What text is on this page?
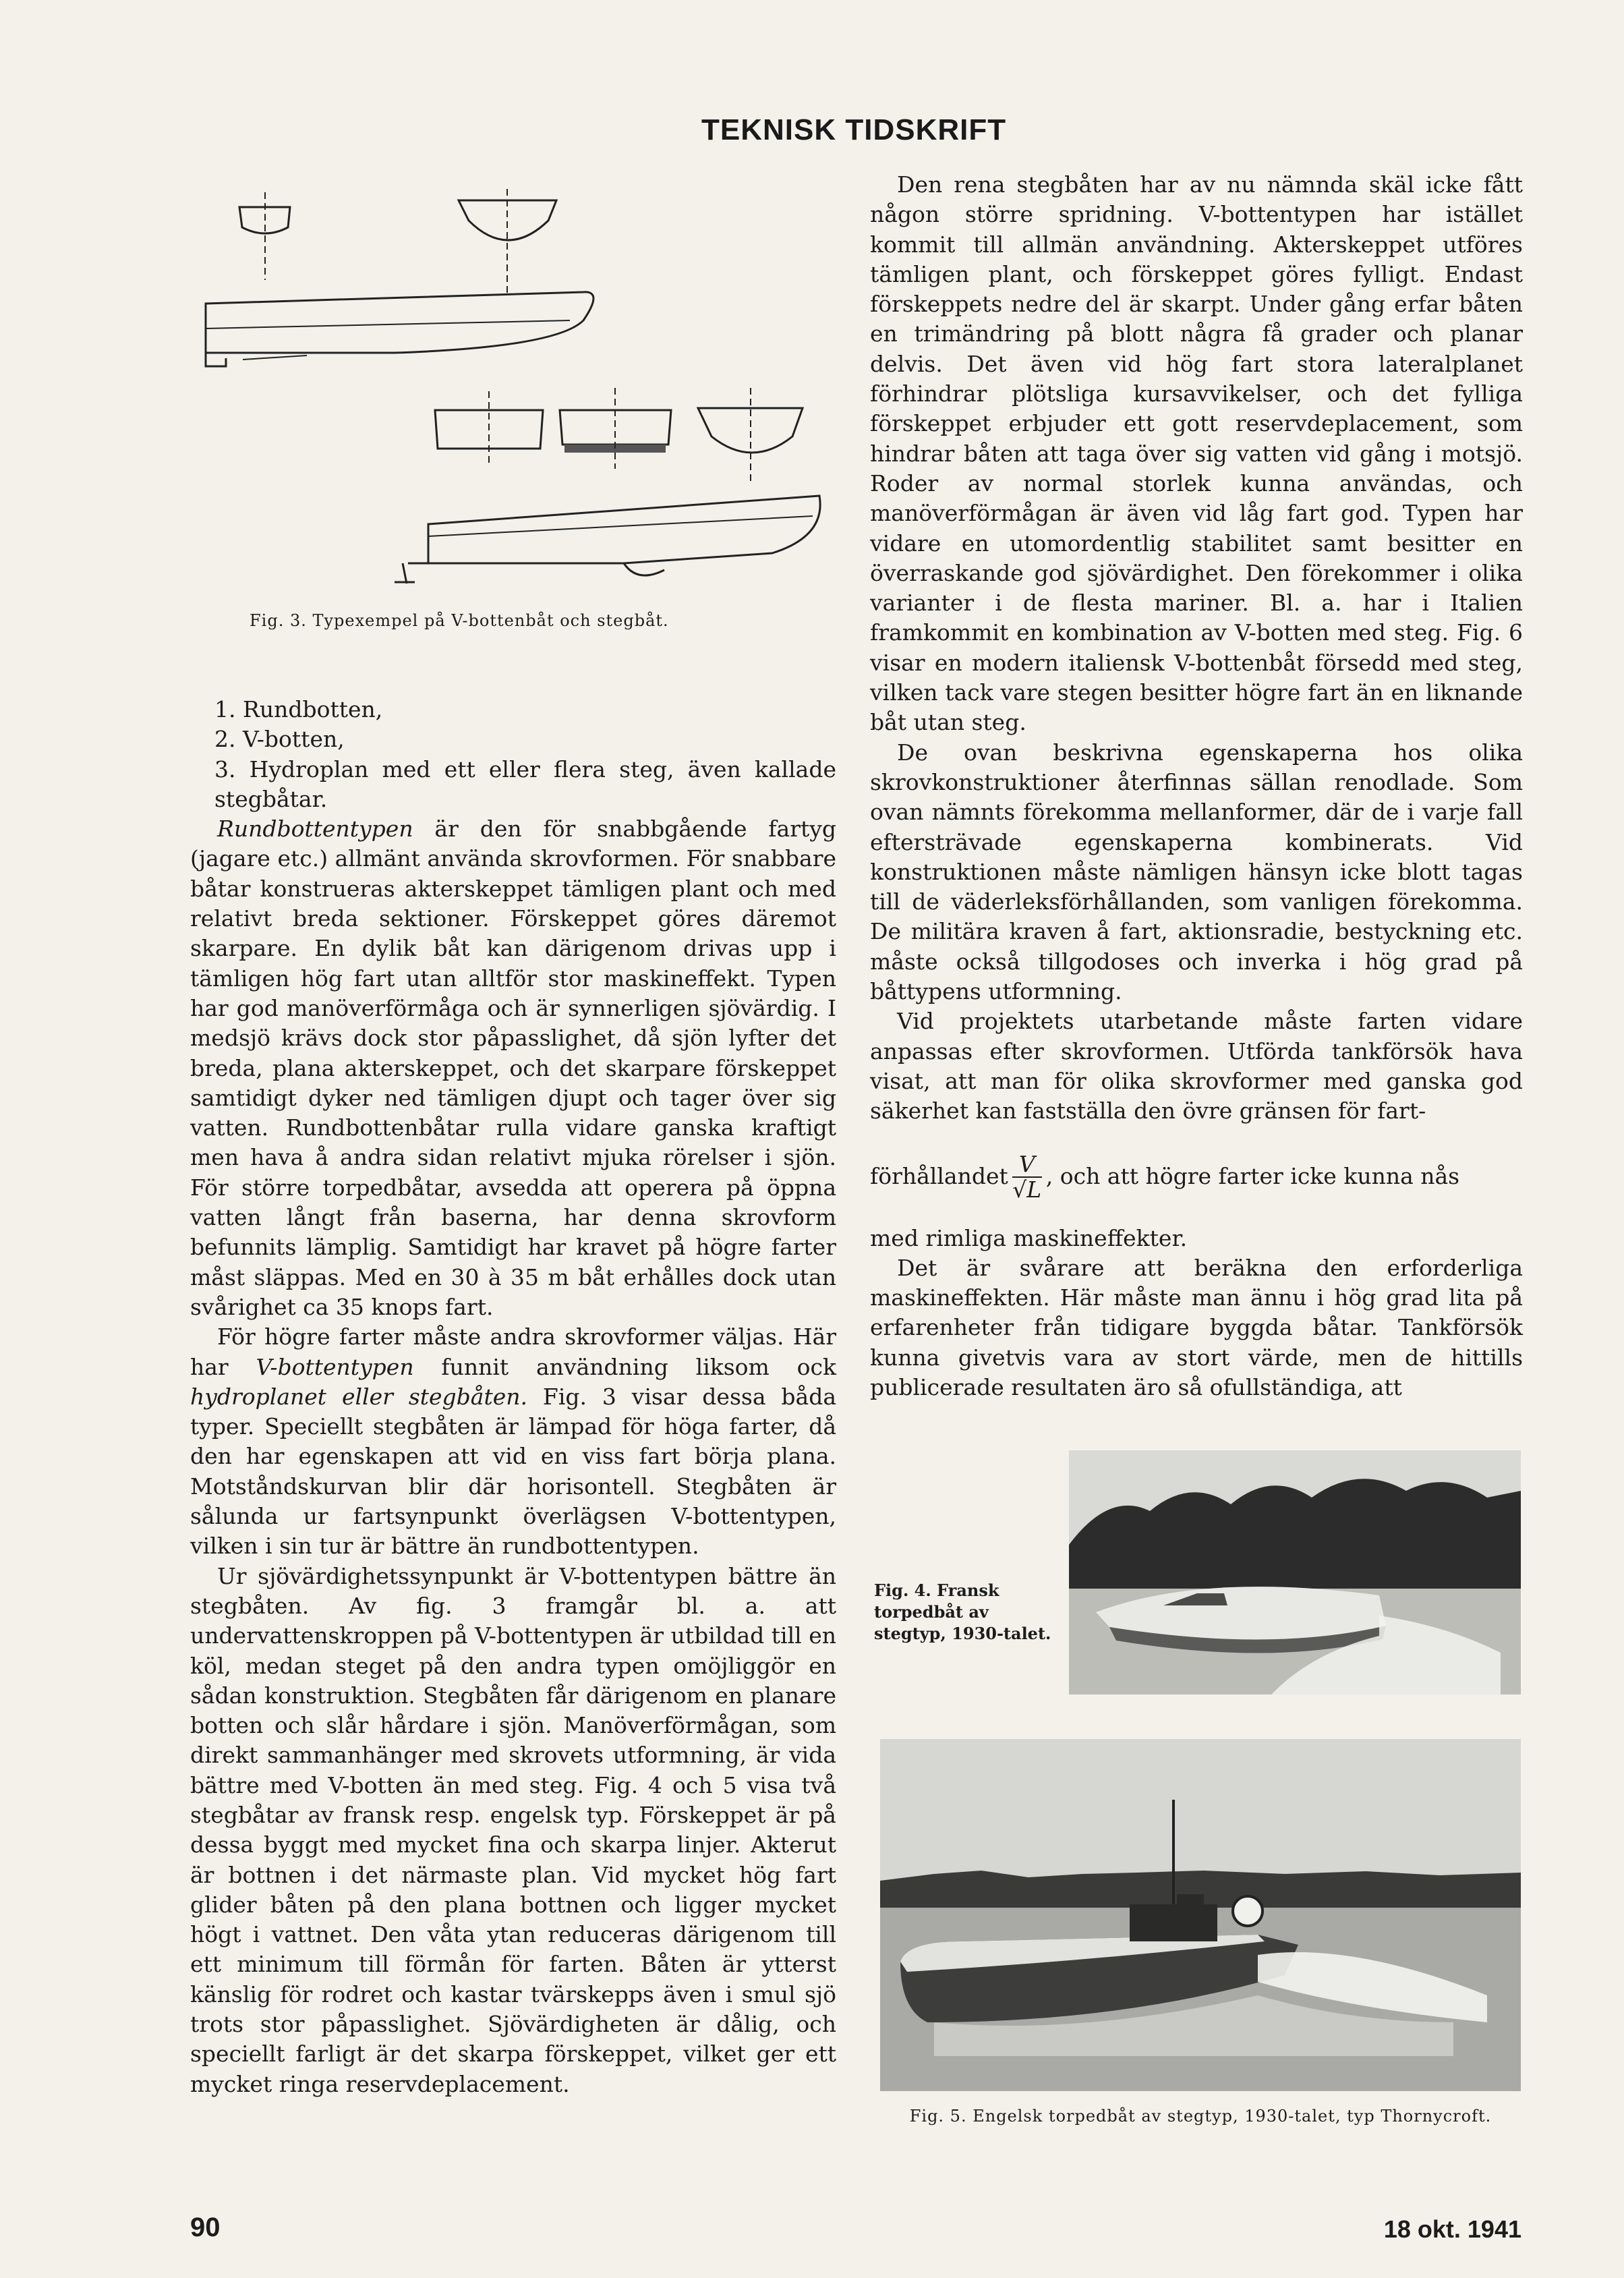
TEKNISK TIDSKRIFT
Fig. 3. Typexempel på V-bottenbåt och stegbåt.
1. Rundbotten,
2. V-botten,
3. Hydroplan med ett eller flera steg, även kallade stegbåtar.

Rundbottentypen är den för snabbgående fartyg (jagare etc.) allmänt använda skrovformen. För snabbare båtar konstrueras akterskeppet tämligen plant och med relativt breda sektioner. Förskeppet göres däremot skarpare. En dylik båt kan därigenom drivas upp i tämligen hög fart utan alltför stor maskineffekt. Typen har god manöverförmåga och är synnerligen sjövärdig. I medsjö krävs dock stor påpasslighet, då sjön lyfter det breda, plana akterskeppet, och det skarpare förskeppet samtidigt dyker ned tämligen djupt och tager över sig vatten. Rundbottenbåtar rulla vidare ganska kraftigt men hava å andra sidan relativt mjuka rörelser i sjön. För större torpedbåtar, avsedda att operera på öppna vatten långt från baserna, har denna skrovform befunnits lämplig. Samtidigt har kravet på högre farter måst släppas. Med en 30 à 35 m båt erhålles dock utan svårighet ca 35 knops fart.

För högre farter måste andra skrovformer väljas. Här har V-bottentypen funnit användning liksom ock hydroplanet eller stegbåten. Fig. 3 visar dessa båda typer. Speciellt stegbåten är lämpad för höga farter, då den har egenskapen att vid en viss fart börja plana. Motståndskurvan blir där horisontell. Stegbåten är sålunda ur fartsynpunkt överlägsen V-bottentypen, vilken i sin tur är bättre än rundbottentypen.

Ur sjövärdighetssynpunkt är V-bottentypen bättre än stegbåten. Av fig. 3 framgår bl. a. att undervattenskroppen på V-bottentypen är utbildad till en köl, medan steget på den andra typen omöjliggör en sådan konstruktion. Stegbåten får därigenom en planare botten och slår hårdare i sjön. Manöverförmågan, som direkt sammanhänger med skrovets utformning, är vida bättre med V-botten än med steg. Fig. 4 och 5 visa två stegbåtar av fransk resp. engelsk typ. Förskeppet är på dessa byggt med mycket fina och skarpa linjer. Akterut är bottnen i det närmaste plan. Vid mycket hög fart glider båten på den plana bottnen och ligger mycket högt i vattnet. Den våta ytan reduceras därigenom till ett minimum till förmån för farten. Båten är ytterst känslig för rodret och kastar tvärskepps även i smul sjö trots stor påpasslighet. Sjövärdigheten är dålig, och speciellt farligt är det skarpa förskeppet, vilket ger ett mycket ringa reservdeplacement.

Den rena stegbåten har av nu nämnda skäl icke fått någon större spridning. V-bottentypen har istället kommit till allmän användning. Akterskeppet utföres tämligen plant, och förskeppet göres fylligt. Endast förskeppets nedre del är skarpt. Under gång erfar båten en trimändring på blott några få grader och planar delvis. Det även vid hög fart stora lateralplanet förhindrar plötsliga kursavvikelser, och det fylliga förskeppet erbjuder ett gott reservdeplacement, som hindrar båten att taga över sig vatten vid gång i motsjö. Roder av normal storlek kunna användas, och manöverförmågan är även vid låg fart god. Typen har vidare en utomordentlig stabilitet samt besitter en överraskande god sjövärdighet. Den förekommer i olika varianter i de flesta mariner. Bl. a. har i Italien framkommit en kombination av V-botten med steg. Fig. 6 visar en modern italiensk V-bottenbåt försedd med steg, vilken tack vare stegen besitter högre fart än en liknande båt utan steg.

De ovan beskrivna egenskaperna hos olika skrovkonstruktioner återfinnas sällan renodlade. Som ovan nämnts förekomma mellanformer, där de i varje fall eftersträvade egenskaperna kombinerats. Vid konstruktionen måste nämligen hänsyn icke blott tagas till de väderleksförhållanden, som vanligen förekomma. De militära kraven å fart, aktionsradie, bestyckning etc. måste också tillgodoses och inverka i hög grad på båttypens utformning.

Vid projektets utarbetande måste farten vidare anpassas efter skrovformen. Utförda tankförsök hava visat, att man för olika skrovformer med ganska god säkerhet kan fastställa den övre gränsen för fart-

förhållandet $\frac{V}{√L}$ , och att högre farter icke kunna nås

med rimliga maskineffekter.

Det är svårare att beräkna den erforderliga maskineffekten. Här måste man ännu i hög grad lita på erfarenheter från tidigare byggda båtar. Tankförsök kunna givetvis vara av stort värde, men de hittills publicerade resultaten äro så ofullständiga, att

Fig. 4. Fransk torpedbåt av stegtyp, 1930-talet.
Fig. 5. Engelsk torpedbåt av stegtyp, 1930-talet, typ Thornycroft.
90	18 okt. 1941
